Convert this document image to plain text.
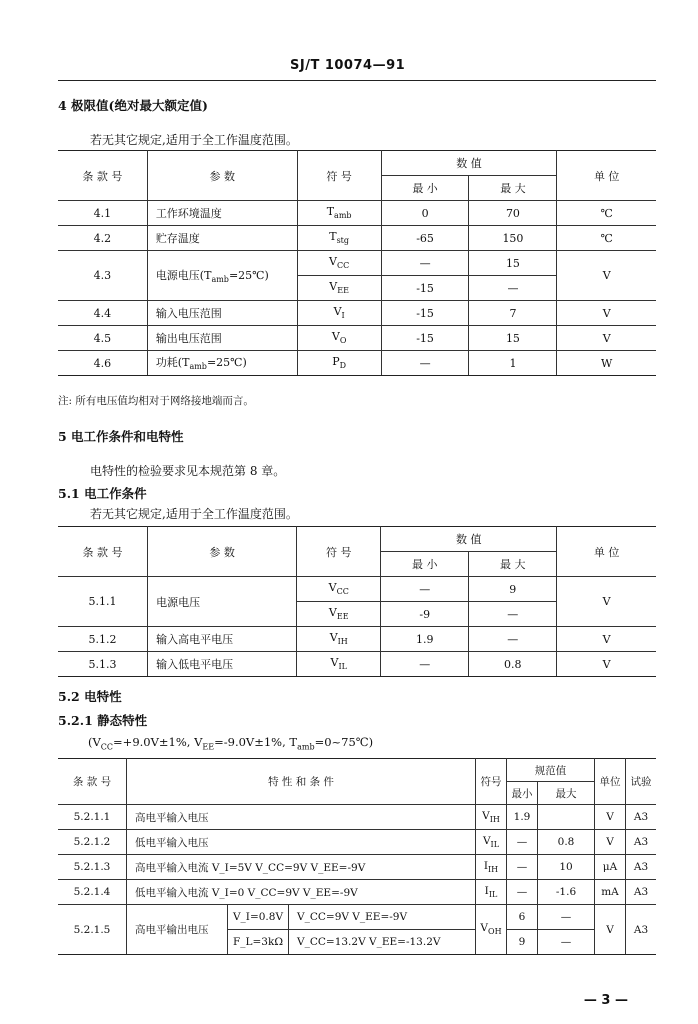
SJ/T 10074—91
4 极限值(绝对最大额定值)
若无其它规定,适用于全工作温度范围。
条 款 号	参 数	符 号	数 值		单 位
			最 小	最 大	
4.1	工作环境温度	$T_{amb}$	0	70	℃
4.2	贮存温度	$T_{stg}$	-65	150	℃
4.3	电源电压$(T_{amb}=25℃)$	$V_{CC}$	—	15	V
		$V_{EE}$	-15	—	
4.4	输入电压范围	$V_I$	-15	7	V
4.5	输出电压范围	$V_O$	-15	15	V
4.6	功耗$(T_{amb}=25℃)$	$P_D$	—	1	W
注: 所有电压值均相对于网络接地端而言。
5 电工作条件和电特性
电特性的检验要求见本规范第 8 章。
5.1 电工作条件
若无其它规定,适用于全工作温度范围。
条 款 号	参 数	符 号	数 值		单 位
			最 小	最 大	
5.1.1	电源电压	$V_{CC}$	—	9	V
		$V_{EE}$	-9	—	
5.1.2	输入高电平电压	$V_{IH}$	1.9	—	V
5.1.3	输入低电平电压	$V_{IL}$	—	0.8	V
5.2 电特性
5.2.1 静态特性
($V_{CC}=+9.0V\pm 1\%$, $V_{EE}=-9.0V\pm 1\%$, $T_{amb}=0\sim 75℃$)
条 款 号	特 性 和 条 件			符号	规范值		单位	试验
					最小	最大		
5.2.1.1	高电平输入电压			$V_{IH}$	1.9		V	A3
5.2.1.2	低电平输入电压			$V_{IL}$	—	0.8	V	A3
5.2.1.3	高电平输入电流 V_I=5V V_CC=9V V_EE=-9V			$I_{IH}$	—	10	μA	A3
5.2.1.4	低电平输入电流 V_I=0 V_CC=9V V_EE=-9V			$I_{IL}$	—	-1.6	mA	A3
5.2.1.5	高电平输出电压	V_I=0.8V	V_CC=9V V_EE=-9V	$V_{OH}$	6	—	V	A3
		F_L=3kΩ	V_CC=13.2V V_EE=-13.2V		9	—		
— 3 —
